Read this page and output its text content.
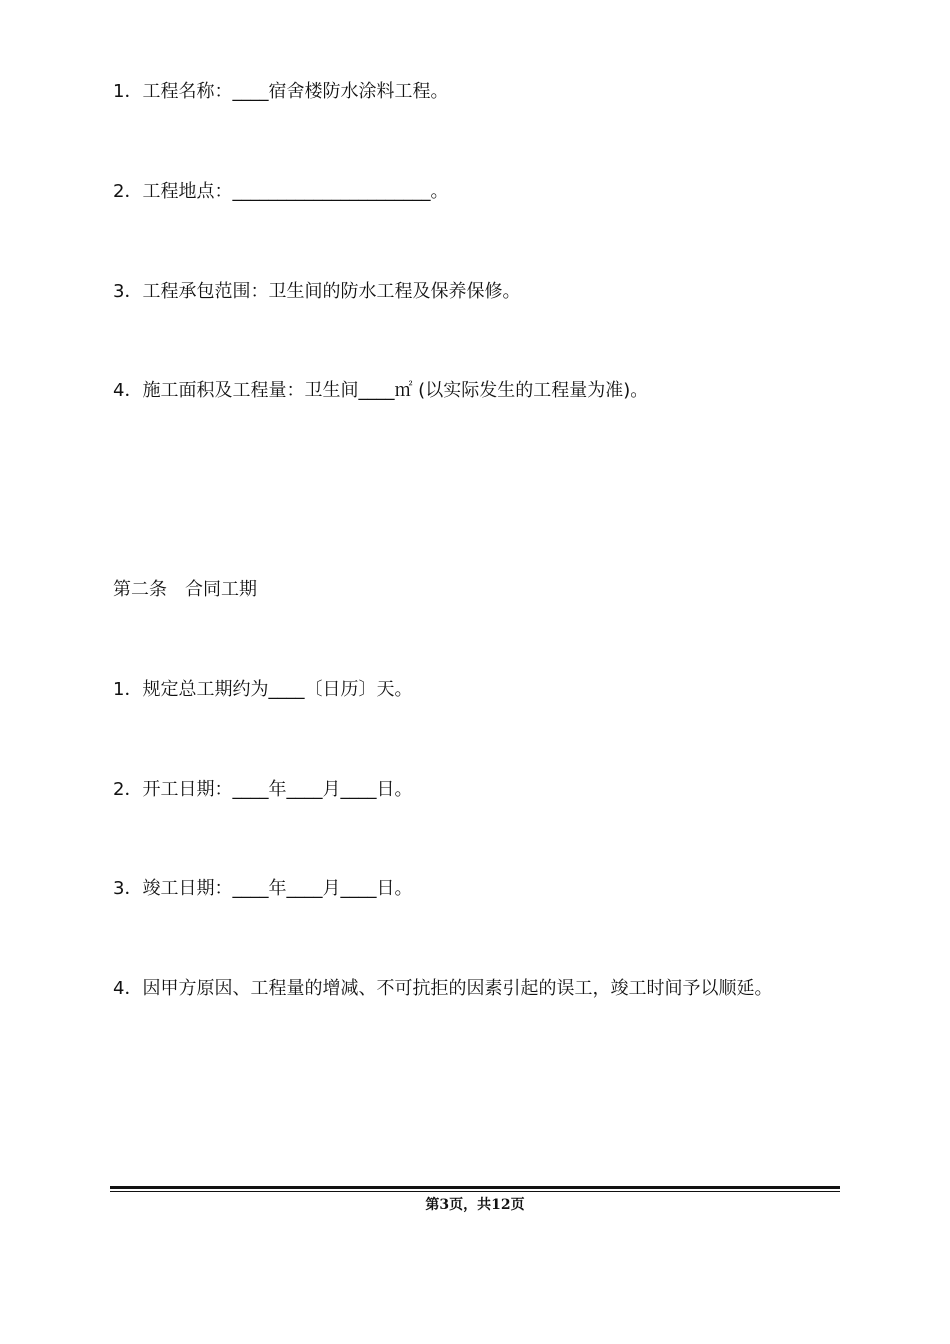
1．工程名称：____宿舍楼防水涂料工程。
2．工程地点：______________________。
3．工程承包范围：卫生间的防水工程及保养保修。
4．施工面积及工程量：卫生间____㎡ (以实际发生的工程量为准)。
第二条　合同工期
1．规定总工期约为____〔日历〕天。
2．开工日期：____年____月____日。
3．竣工日期：____年____月____日。
4．因甲方原因、工程量的增减、不可抗拒的因素引起的误工，竣工时间予以顺延。
第3页，共12页
